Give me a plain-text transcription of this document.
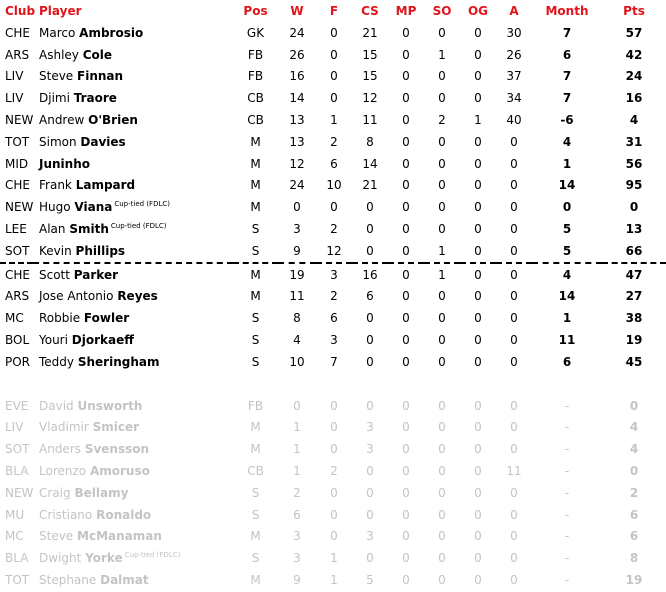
Club	Player	Pos	W	F	CS	MP	SO	OG	A	Month	Pts
CHE	Marco Ambrosio	GK	24	0	21	0	0	0	30	7	57
ARS	Ashley Cole	FB	26	0	15	0	1	0	26	6	42
LIV	Steve Finnan	FB	16	0	15	0	0	0	37	7	24
LIV	Djimi Traore	CB	14	0	12	0	0	0	34	7	16
NEW	Andrew O'Brien	CB	13	1	11	0	2	1	40	-6	4
TOT	Simon Davies	M	13	2	8	0	0	0	0	4	31
MID	Juninho	M	12	6	14	0	0	0	0	1	56
CHE	Frank Lampard	M	24	10	21	0	0	0	0	14	95
NEW	Hugo Viana $^{Cup-tied (FDLC)}$	M	0	0	0	0	0	0	0	0	0
LEE	Alan Smith $^{Cup-tied (FDLC)}$	S	3	2	0	0	0	0	0	5	13
SOT	Kevin Phillips	S	9	12	0	0	1	0	0	5	66
CHE	Scott Parker	M	19	3	16	0	1	0	0	4	47
ARS	Jose Antonio Reyes	M	11	2	6	0	0	0	0	14	27
MC	Robbie Fowler	S	8	6	0	0	0	0	0	1	38
BOL	Youri Djorkaeff	S	4	3	0	0	0	0	0	11	19
POR	Teddy Sheringham	S	10	7	0	0	0	0	0	6	45

EVE	David Unsworth	FB	0	0	0	0	0	0	0	-	0
LIV	Vladimir Smicer	M	1	0	3	0	0	0	0	-	4
SOT	Anders Svensson	M	1	0	3	0	0	0	0	-	4
BLA	Lorenzo Amoruso	CB	1	2	0	0	0	0	11	-	0
NEW	Craig Bellamy	S	2	0	0	0	0	0	0	-	2
MU	Cristiano Ronaldo	S	6	0	0	0	0	0	0	-	6
MC	Steve McManaman	M	3	0	3	0	0	0	0	-	6
BLA	Dwight Yorke $^{Cup-tied (FDLC)}$	S	3	1	0	0	0	0	0	-	8
TOT	Stephane Dalmat	M	9	1	5	0	0	0	0	-	19
